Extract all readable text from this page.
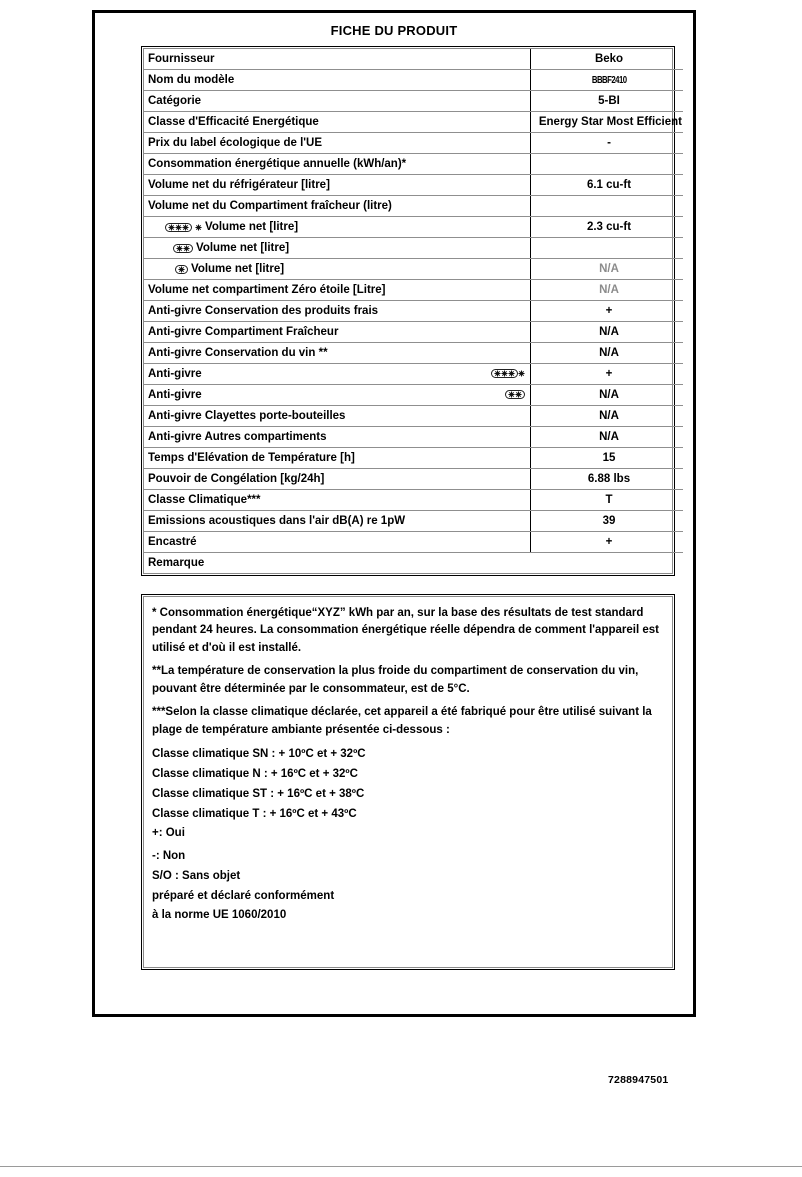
FICHE DU PRODUIT
Fournisseur	Beko
Nom du modèle	BBBF2410
Catégorie	5-BI
Classe d'Efficacité Energétique	Energy Star Most Efficient

Prix du label écologique de l'UE	-
Consommation énergétique annuelle (kWh/an)*	
Volume net du réfrigérateur [litre]	6.1 cu-ft
Volume net du Compartiment fraîcheur (litre)	

Volume net [litre]	2.3 cu-ft

Volume net [litre]	

Volume net [litre]	N/A
Volume net compartiment Zéro étoile [Litre]	N/A
Anti-givre Conservation des produits frais	+
Anti-givre Compartiment Fraîcheur	N/A
Anti-givre Conservation du vin **	N/A

Anti-givre	+

Anti-givre	N/A
Anti-givre Clayettes porte-bouteilles	N/A
Anti-givre Autres compartiments	N/A
Temps d'Elévation de Température [h]	15
Pouvoir de Congélation [kg/24h]	6.88 lbs
Classe Climatique***	T
Emissions acoustiques dans l'air dB(A) re 1pW	39
Encastré	+
Remarque	
* Consommation énergétique“XYZ” kWh par an, sur la base des résultats de test standard pendant 24 heures. La consommation énergétique réelle dépendra de comment l'appareil est utilisé et d'où il est installé.
**La température de conservation la plus froide du compartiment de conservation du vin, pouvant être déterminée par le consommateur, est de 5°C.
***Selon la classe climatique déclarée, cet appareil a été fabriqué pour être utilisé suivant la plage de température ambiante présentée ci-dessous :
Classe climatique SN : + 10ºC et + 32ºC
Classe climatique N : + 16ºC et + 32ºC
Classe climatique ST : + 16ºC et + 38ºC
Classe climatique T : + 16ºC et + 43ºC
+: Oui
-: Non
S/O : Sans objet
préparé et déclaré conformément
à la norme UE 1060/2010
7288947501
